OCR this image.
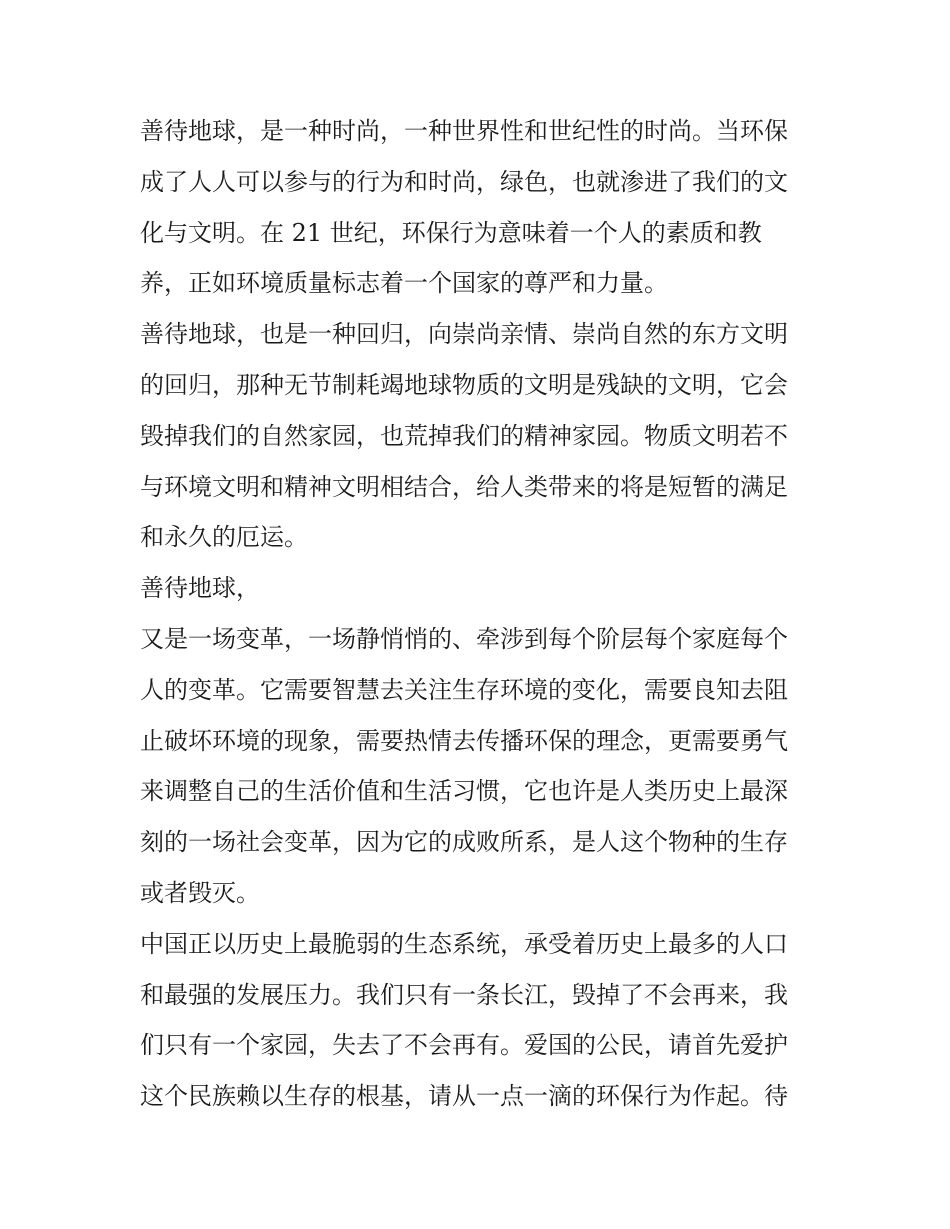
善待地球，是一种时尚，一种世界性和世纪性的时尚。当环保
成了人人可以参与的行为和时尚，绿色，也就渗进了我们的文
化与文明。在 21 世纪，环保行为意味着一个人的素质和教
养，正如环境质量标志着一个国家的尊严和力量。
善待地球，也是一种回归，向崇尚亲情、崇尚自然的东方文明
的回归，那种无节制耗竭地球物质的文明是残缺的文明，它会
毁掉我们的自然家园，也荒掉我们的精神家园。物质文明若不
与环境文明和精神文明相结合，给人类带来的将是短暂的满足
和永久的厄运。
善待地球，
又是一场变革，一场静悄悄的、牵涉到每个阶层每个家庭每个
人的变革。它需要智慧去关注生存环境的变化，需要良知去阻
止破坏环境的现象，需要热情去传播环保的理念，更需要勇气
来调整自己的生活价值和生活习惯，它也许是人类历史上最深
刻的一场社会变革，因为它的成败所系，是人这个物种的生存
或者毁灭。
中国正以历史上最脆弱的生态系统，承受着历史上最多的人口
和最强的发展压力。我们只有一条长江，毁掉了不会再来，我
们只有一个家园，失去了不会再有。爱国的公民，请首先爱护
这个民族赖以生存的根基，请从一点一滴的环保行为作起。待
